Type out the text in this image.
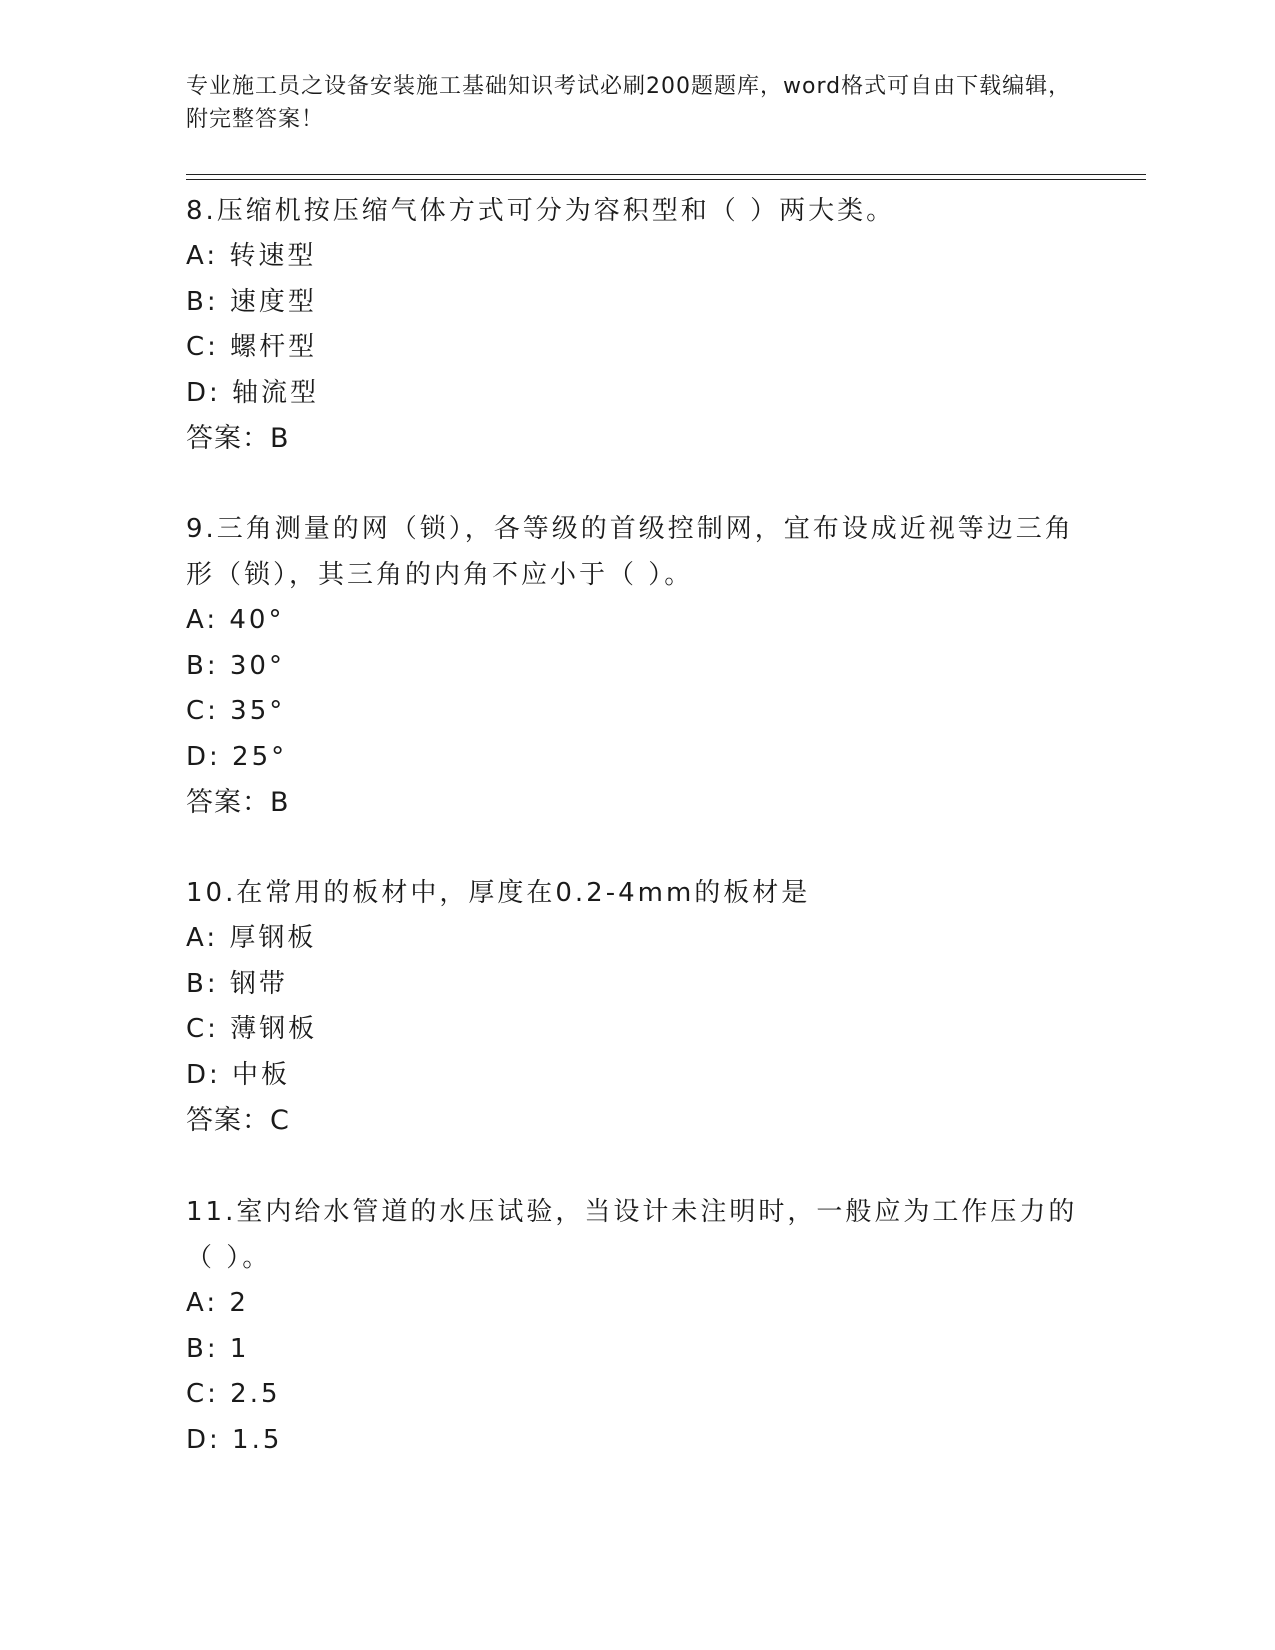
专业施工员之设备安装施工基础知识考试必刷200题题库，word格式可自由下载编辑，附完整答案！

8.压缩机按压缩气体方式可分为容积型和（ ）两大类。

A: 转速型

B: 速度型

C: 螺杆型

D: 轴流型

答案：B

9.三角测量的网（锁），各等级的首级控制网，宜布设成近视等边三角形（锁），其三角的内角不应小于（ ）。

A: 40°

B: 30°

C: 35°

D: 25°

答案：B

10.在常用的板材中，厚度在0.2-4mm的板材是

A: 厚钢板

B: 钢带

C: 薄钢板

D: 中板

答案：C

11.室内给水管道的水压试验，当设计未注明时，一般应为工作压力的（ ）。

A: 2

B: 1

C: 2.5

D: 1.5
